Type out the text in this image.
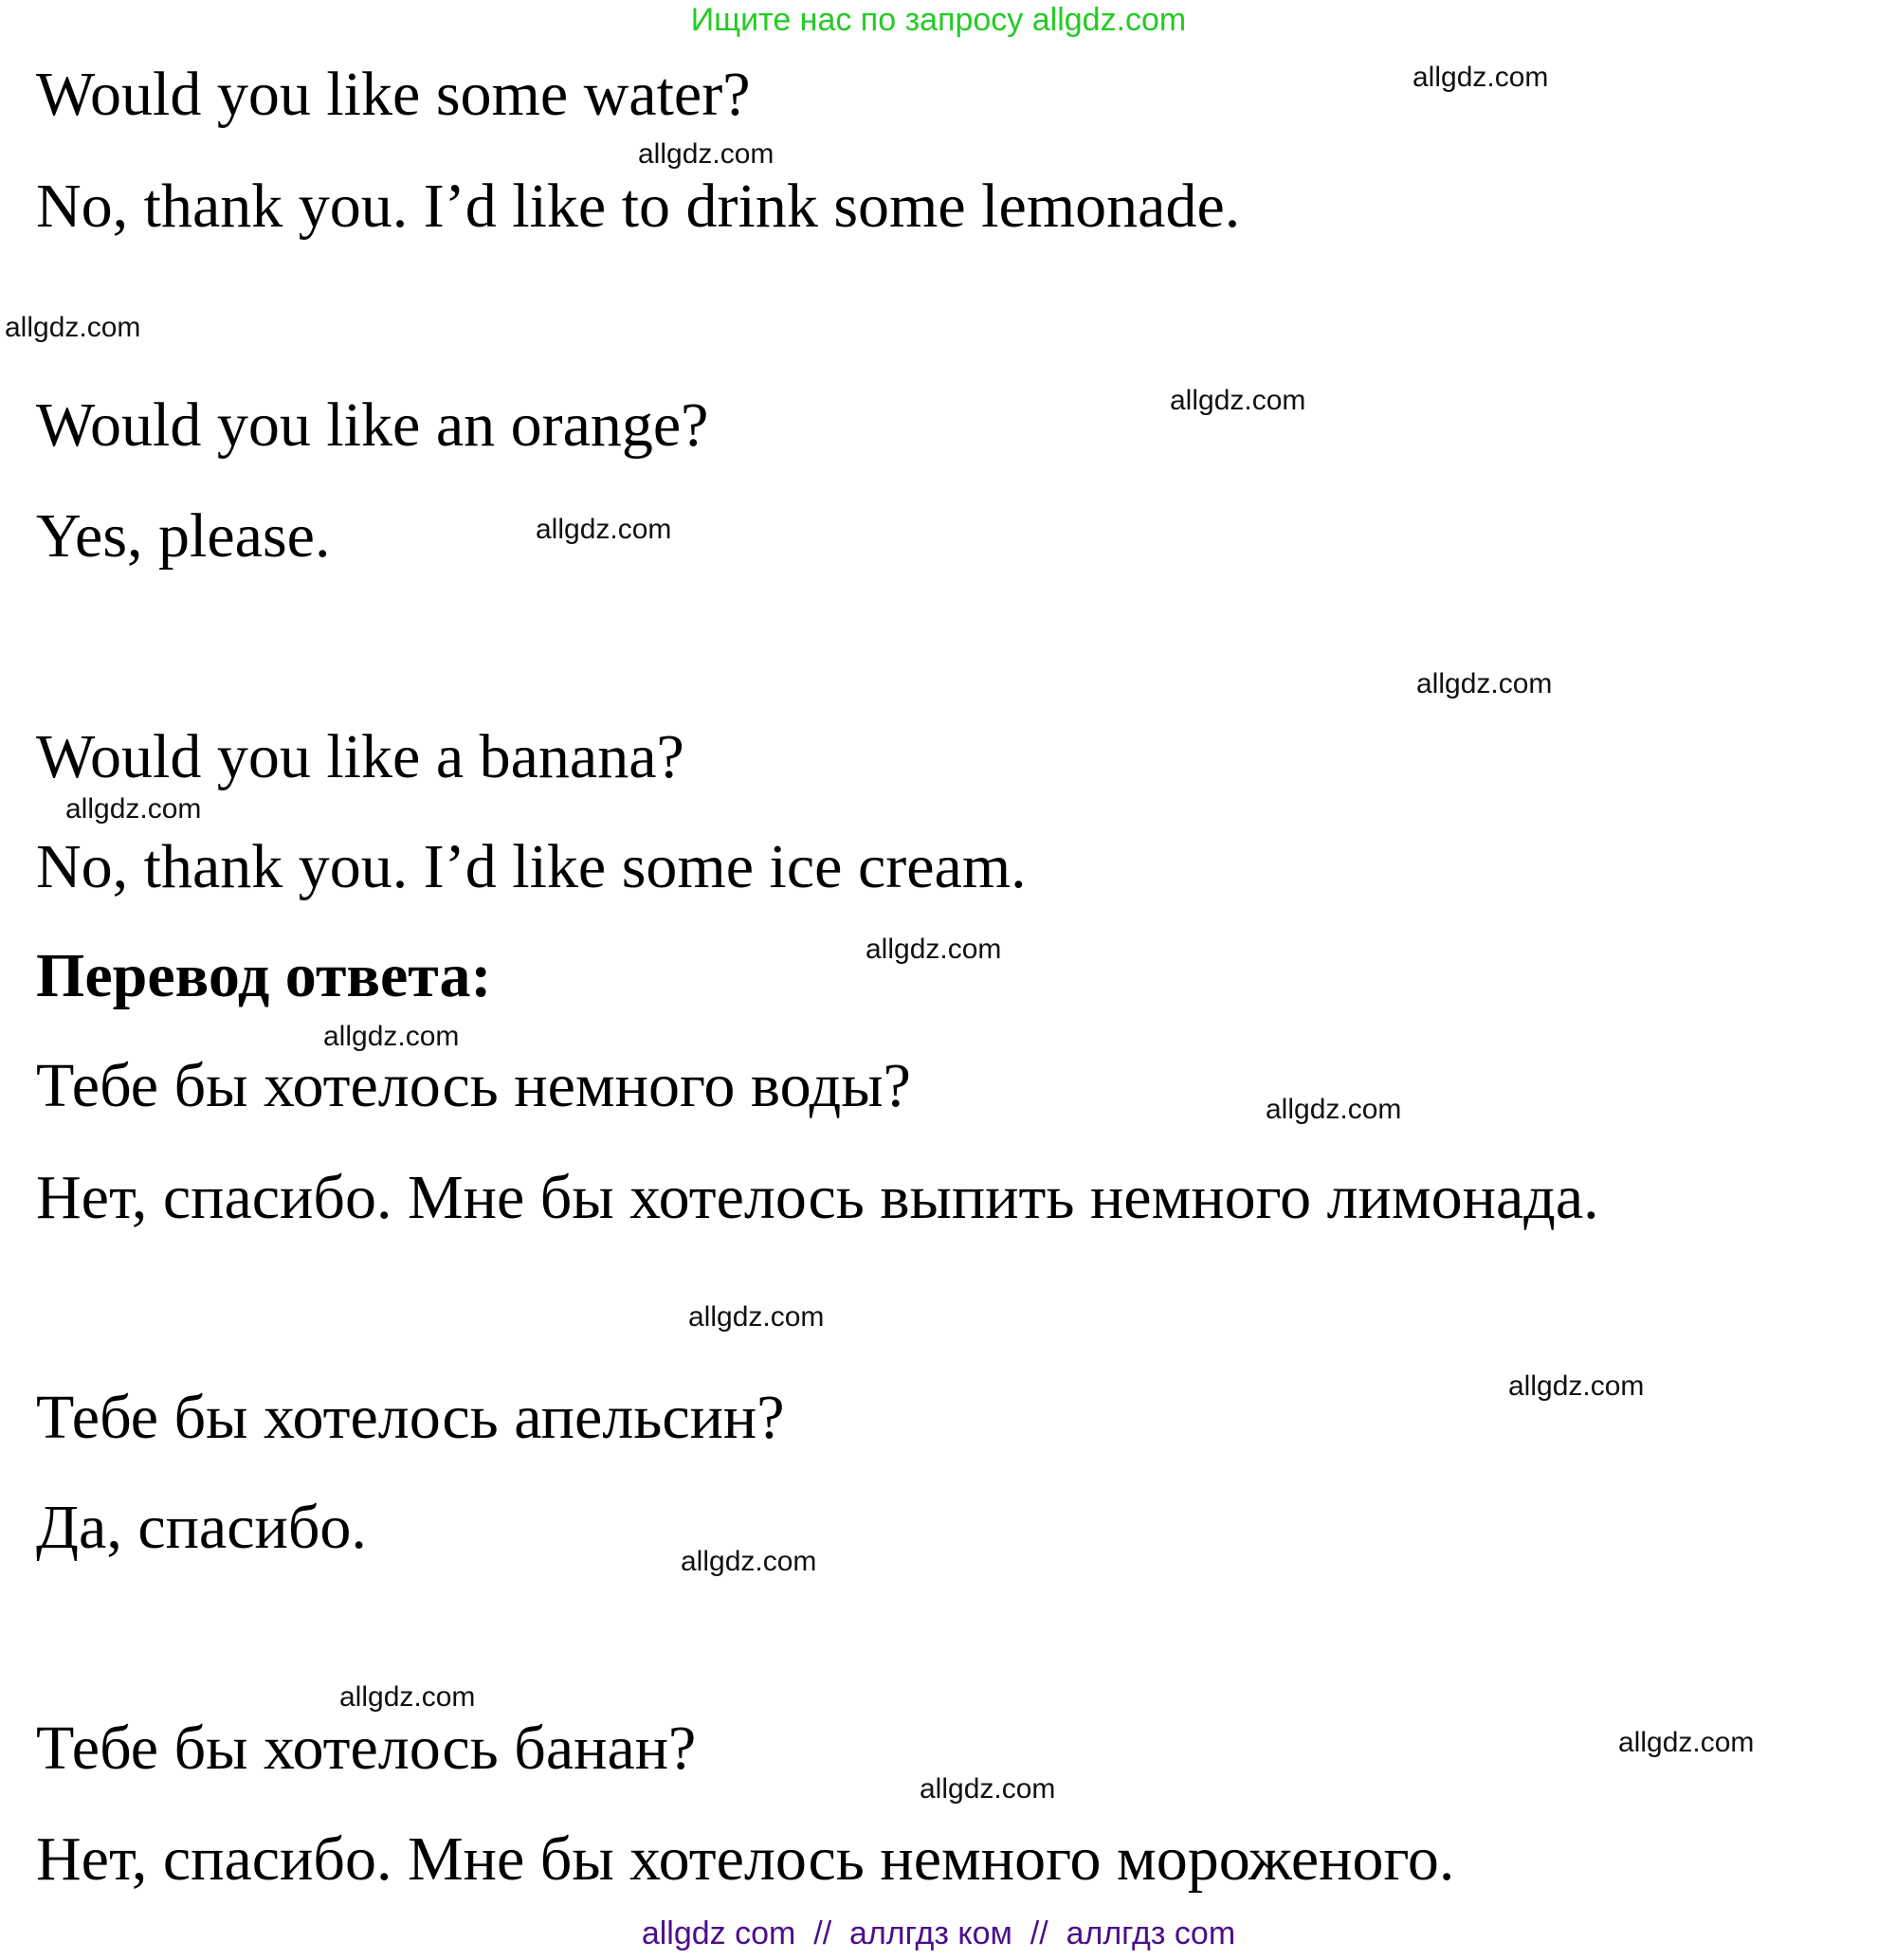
Ищите нас по запросу allgdz.com
Would you like some water?
No, thank you. I’d like to drink some lemonade.
Would you like an orange?
Yes, please.
Would you like a banana?
No, thank you. I’d like some ice cream.
Перевод ответа:
Тебе бы хотелось немного воды?
Нет, спасибо. Мне бы хотелось выпить немного лимонада.
Тебе бы хотелось апельсин?
Да, спасибо.
Тебе бы хотелось банан?
Нет, спасибо. Мне бы хотелось немного мороженого.
allgdz.com
allgdz.com
allgdz.com
allgdz.com
allgdz.com
allgdz.com
allgdz.com
allgdz.com
allgdz.com
allgdz.com
allgdz.com
allgdz.com
allgdz.com
allgdz.com
allgdz.com
allgdz.com
allgdz com  //  аллгдз ком  //  аллгдз com
